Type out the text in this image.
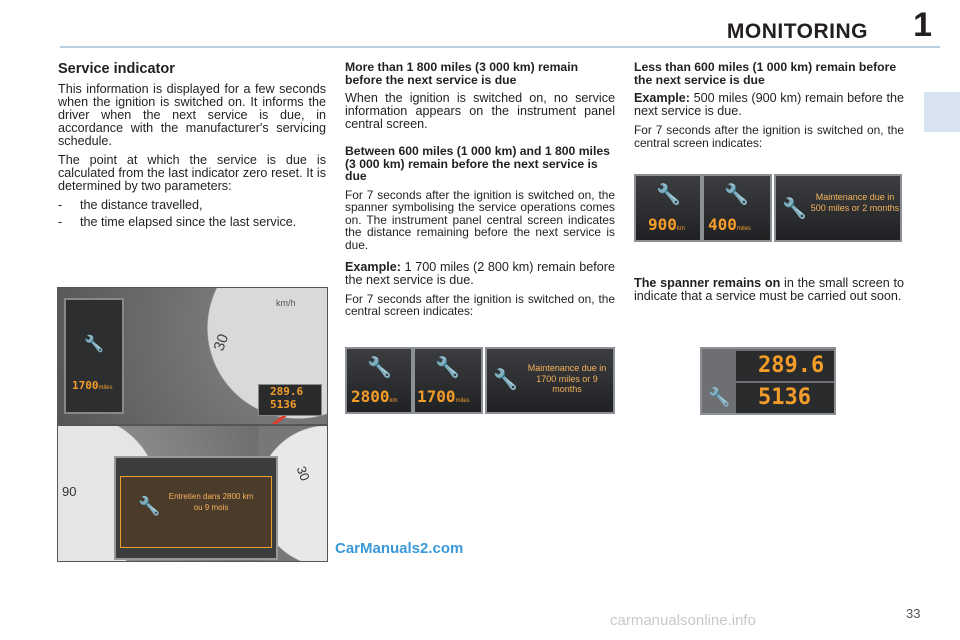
MONITORING 1
Service indicator

This information is displayed for a few seconds when the ignition is switched on. It informs the driver when the next service is due, in accordance with the manufacturer's servicing schedule.

The point at which the service is due is calculated from the last indicator zero reset. It is determined by two parameters:

- the distance travelled,
- the time elapsed since the last service.
More than 1 800 miles (3 000 km) remain before the next service is due

When the ignition is switched on, no service information appears on the instrument panel central screen.

Between 600 miles (1 000 km) and 1 800 miles (3 000 km) remain before the next service is due

For 7 seconds after the ignition is switched on, the spanner symbolising the service operations comes on. The instrument panel central screen indicates the distance remaining before the next service is due.

Example: 1 700 miles (2 800 km) remain before the next service is due.

For 7 seconds after the ignition is switched on, the central screen indicates:

Less than 600 miles (1 000 km) remain before the next service is due

Example: 500 miles (900 km) remain before the next service is due.

For 7 seconds after the ignition is switched on, the central screen indicates:

The spanner remains on in the small screen to indicate that a service must be carried out soon.

🔧
2800km
🔧
1700miles
🔧
Maintenance due in 1700 miles or 9 months
🔧
900km
🔧
400miles
🔧
Maintenance due in 500 miles or 2 months
289.6
5136
🔧
🔧
1700miles
km/h
30
289.6
5136
90
🔧	Entretien dans 2800 km ou 9 mois
30
CarManuals2.com
carmanualsonline.info	33
